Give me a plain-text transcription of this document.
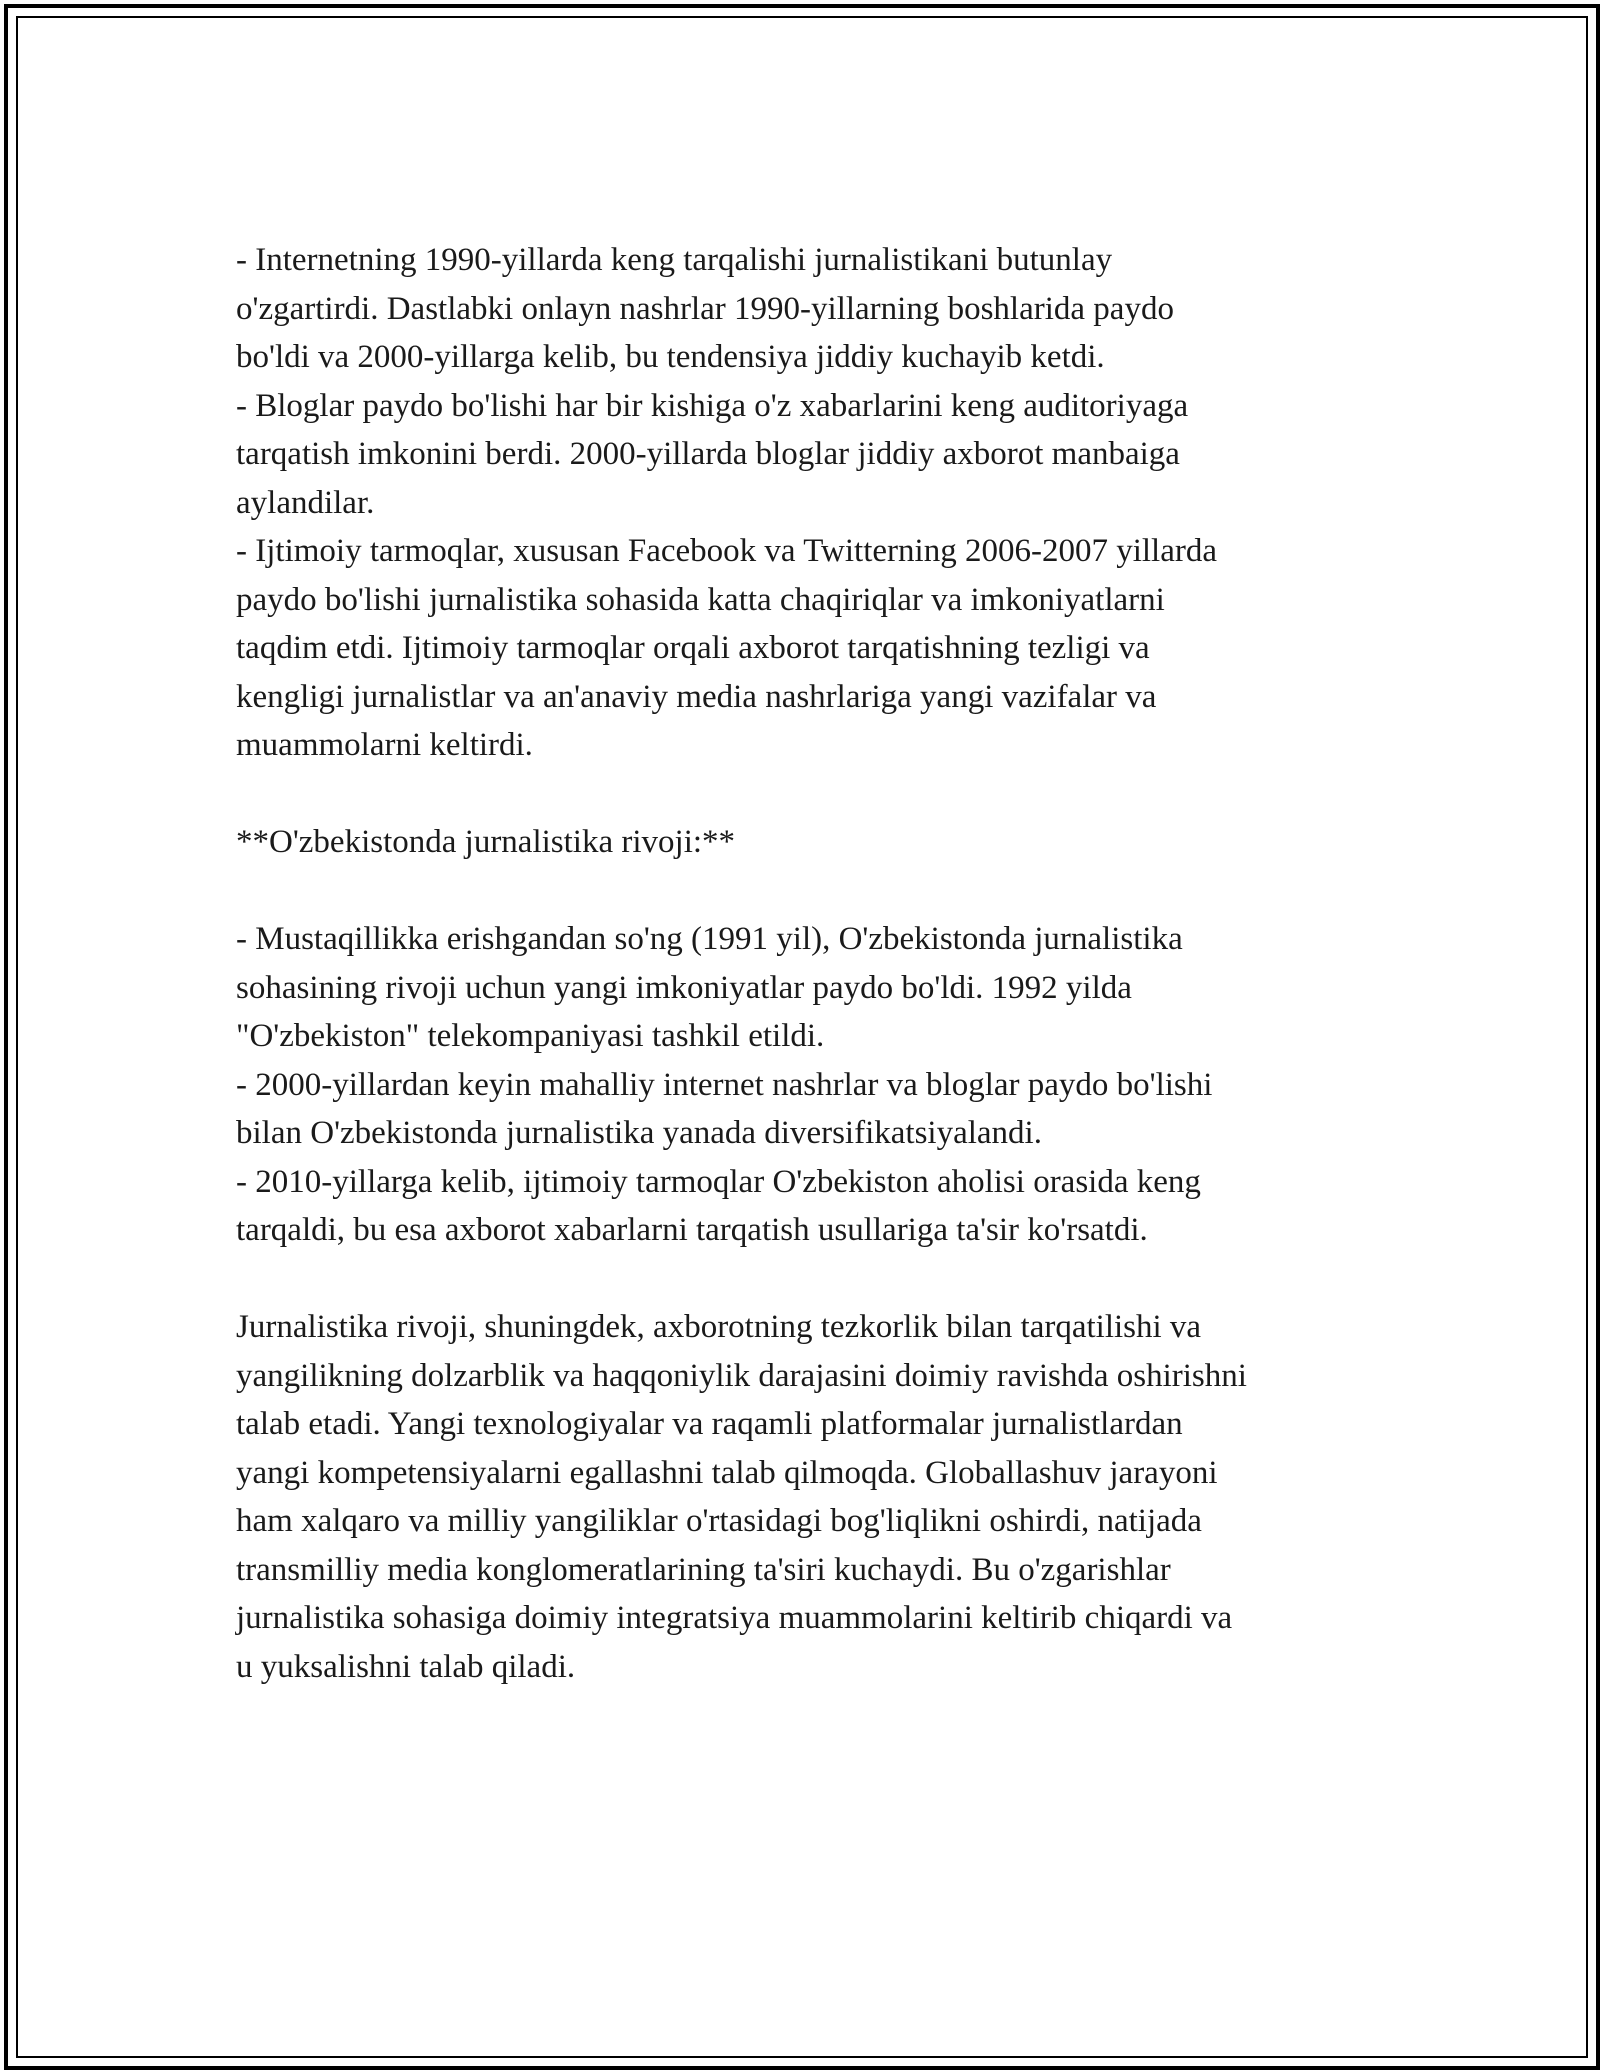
- Internetning 1990-yillarda keng tarqalishi jurnalistikani butunlay
o'zgartirdi. Dastlabki onlayn nashrlar 1990-yillarning boshlarida paydo
bo'ldi va 2000-yillarga kelib, bu tendensiya jiddiy kuchayib ketdi.
- Bloglar paydo bo'lishi har bir kishiga o'z xabarlarini keng auditoriyaga
tarqatish imkonini berdi. 2000-yillarda bloglar jiddiy axborot manbaiga
aylandilar.
- Ijtimoiy tarmoqlar, xususan Facebook va Twitterning 2006-2007 yillarda
paydo bo'lishi jurnalistika sohasida katta chaqiriqlar va imkoniyatlarni
taqdim etdi. Ijtimoiy tarmoqlar orqali axborot tarqatishning tezligi va
kengligi jurnalistlar va an'anaviy media nashrlariga yangi vazifalar va
muammolarni keltirdi.
**O'zbekistonda jurnalistika rivoji:**
- Mustaqillikka erishgandan so'ng (1991 yil), O'zbekistonda jurnalistika
sohasining rivoji uchun yangi imkoniyatlar paydo bo'ldi. 1992 yilda
"O'zbekiston" telekompaniyasi tashkil etildi.
- 2000-yillardan keyin mahalliy internet nashrlar va bloglar paydo bo'lishi
bilan O'zbekistonda jurnalistika yanada diversifikatsiyalandi.
- 2010-yillarga kelib, ijtimoiy tarmoqlar O'zbekiston aholisi orasida keng
tarqaldi, bu esa axborot xabarlarni tarqatish usullariga ta'sir ko'rsatdi.
Jurnalistika rivoji, shuningdek, axborotning tezkorlik bilan tarqatilishi va
yangilikning dolzarblik va haqqoniylik darajasini doimiy ravishda oshirishni
talab etadi. Yangi texnologiyalar va raqamli platformalar jurnalistlardan
yangi kompetensiyalarni egallashni talab qilmoqda. Globallashuv jarayoni
ham xalqaro va milliy yangiliklar o'rtasidagi bog'liqlikni oshirdi, natijada
transmilliy media konglomeratlarining ta'siri kuchaydi. Bu o'zgarishlar
jurnalistika sohasiga doimiy integratsiya muammolarini keltirib chiqardi va
u yuksalishni talab qiladi.
